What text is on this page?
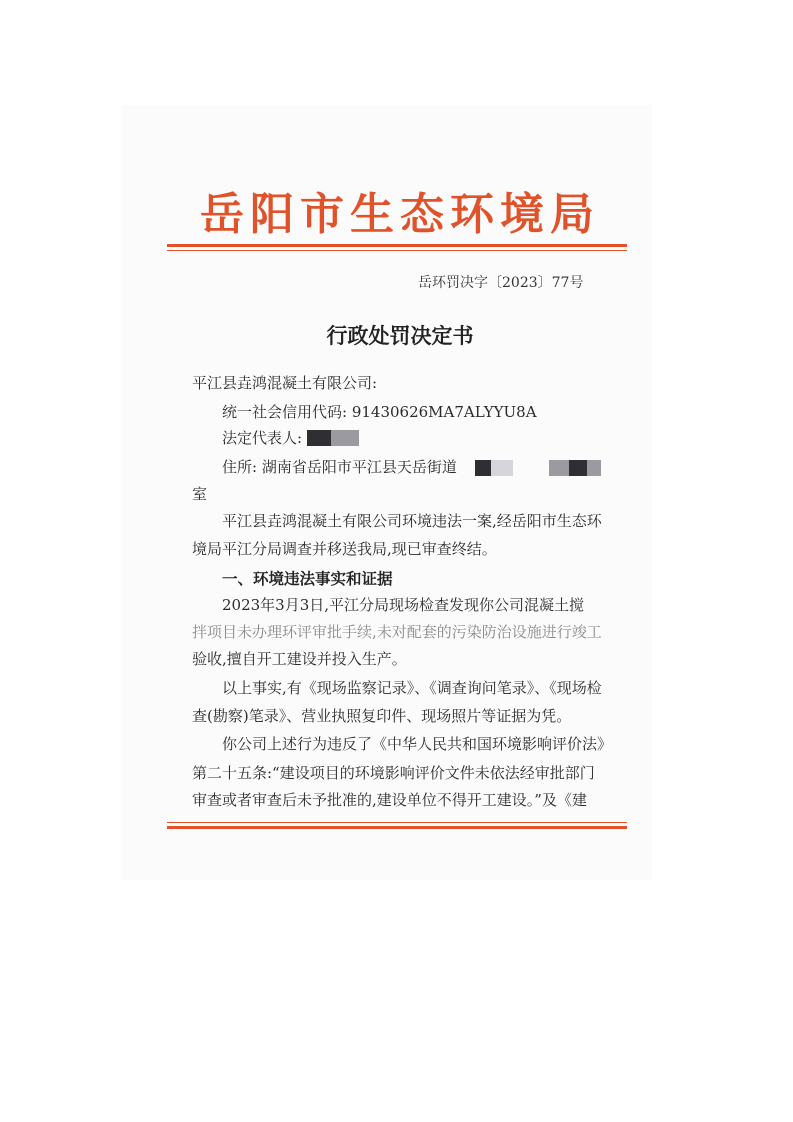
岳阳市生态环境局
岳环罚决字〔2023〕77号
行政处罚决定书
平江县垚鸿混凝土有限公司:
统一社会信用代码: 91430626MA7ALYYU8A
法定代表人:
住所: 湖南省岳阳市平江县天岳街道
室
平江县垚鸿混凝土有限公司环境违法一案,经岳阳市生态环
境局平江分局调查并移送我局,现已审查终结。
一、环境违法事实和证据
2023年3月3日,平江分局现场检查发现你公司混凝土搅
拌项目未办理环评审批手续,未对配套的污染防治设施进行竣工
验收,擅自开工建设并投入生产。
以上事实,有《现场监察记录》、《调查询问笔录》、《现场检
查(勘察)笔录》、营业执照复印件、现场照片等证据为凭。
你公司上述行为违反了《中华人民共和国环境影响评价法》
第二十五条:“建设项目的环境影响评价文件未依法经审批部门
审查或者审查后未予批准的,建设单位不得开工建设。”及《建
